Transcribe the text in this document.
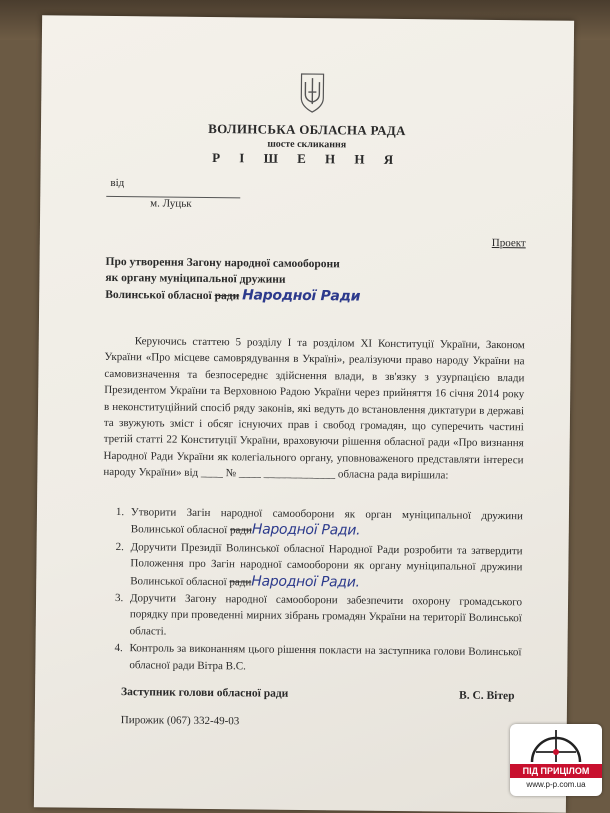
ВОЛИНСЬКА ОБЛАСНА РАДА
шосте скликання
Р І Ш Е Н Н Я
від
м. Луцьк
Проект
Про утворення Загону народної самооборони
як органу муніципальної дружини
Волинської обласної ради Народної Ради

Керуючись статтею 5 розділу І та розділом ХІ Конституції України, Законом України «Про місцеве самоврядування в Україні», реалізуючи право народу України на самовизначення та безпосереднє здійснення влади, в зв'язку з узурпацією влади Президентом України та Верховною Радою України через прийняття 16 січня 2014 року в неконституційний спосіб ряду законів, які ведуть до встановлення диктатури в державі та звужують зміст і обсяг існуючих прав і свобод громадян, що суперечить частині третій статті 22 Конституції України, враховуючи рішення обласної ради «Про визнання Народної Ради України як колегіального органу, уповноваженого представляти інтереси народу України» від ____ № ____ _____________ обласна рада вирішила:

1. Утворити Загін народної самооборони як орган муніципальної дружини Волинської обласної радиНародної Ради.
2. Доручити Президії Волинської обласної Народної Ради розробити та затвердити Положення про Загін народної самооборони як органу муніципальної дружини Волинської обласної радиНародної Ради.
3. Доручити Загону народної самооборони забезпечити охорону громадського порядку при проведенні мирних зібрань громадян України на території Волинської області.
4. Контроль за виконанням цього рішення покласти на заступника голови Волинської обласної ради Вітра В.С.
Заступник голови обласної ради	В. С. Вітер
Пирожик (067) 332-49-03
ПІД ПРИЦІЛОМ
www.p-p.com.ua
